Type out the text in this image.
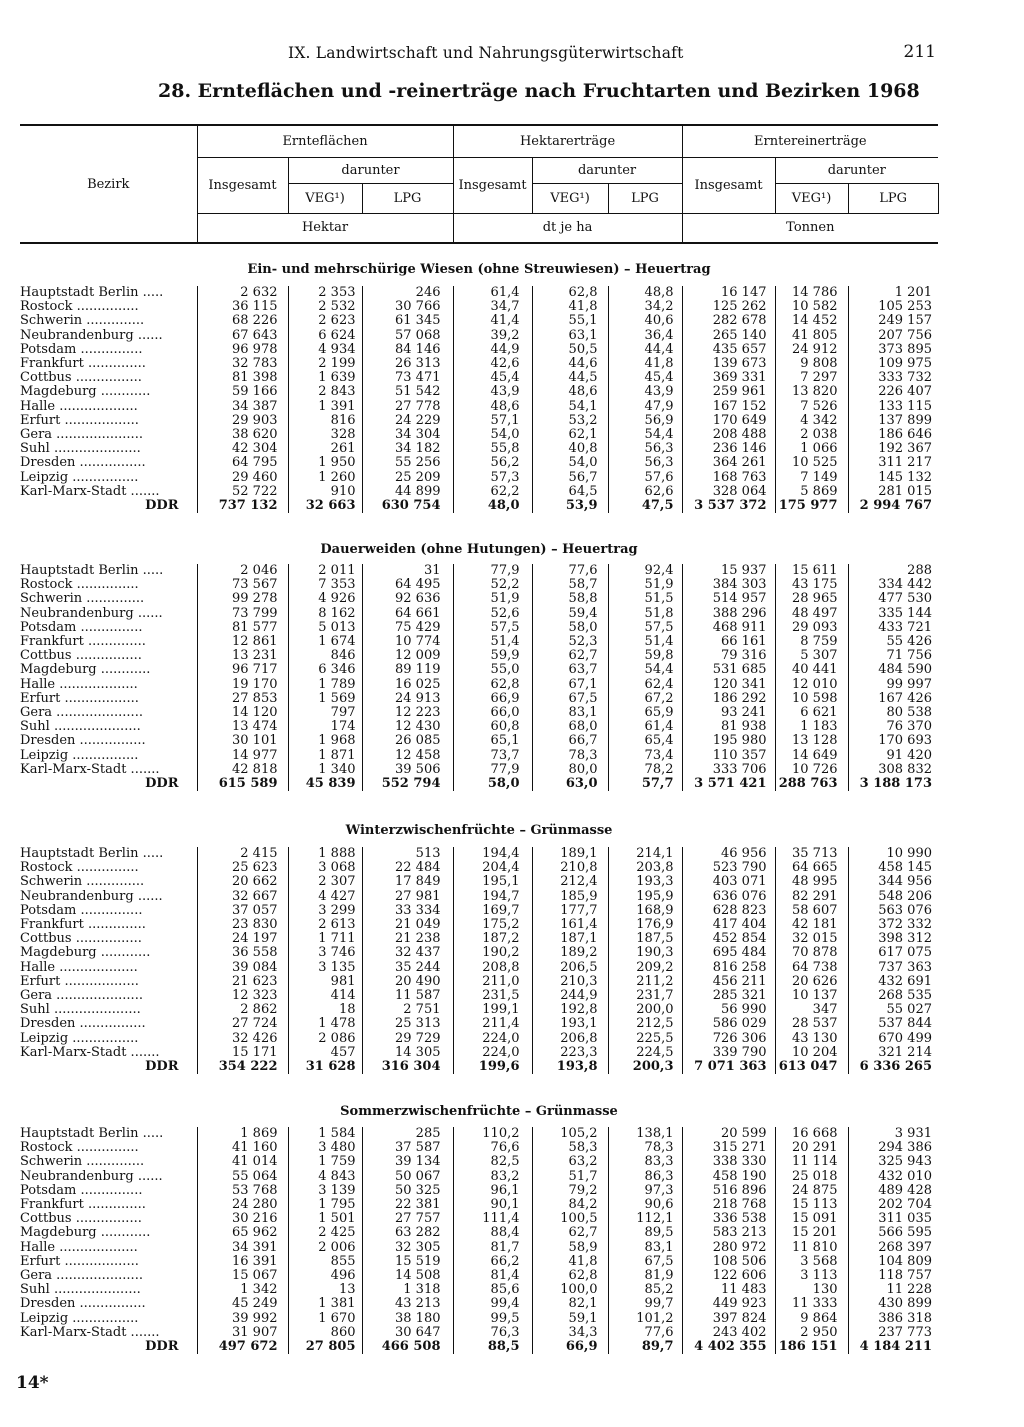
IX. Landwirtschaft und Nahrungsgüterwirtschaft	211
28. Ernteflächen und -reinerträge nach Fruchtarten und Bezirken 1968
Bezirk	Ernteflächen			Hektarerträge			Erntereinerträge		
	Insgesamt	darunter		Insgesamt	darunter		Insgesamt	darunter	
		VEG¹)	LPG		VEG¹)	LPG		VEG¹)	LPG
	Hektar			dt je ha			Tonnen		
Ein- und mehrschürige Wiesen (ohne Streuwiesen) – Heuertrag
Hauptstadt Berlin .....	2 632	2 353	246	61,4	62,8	48,8	16 147	14 786	1 201
Rostock ...............	36 115	2 532	30 766	34,7	41,8	34,2	125 262	10 582	105 253
Schwerin ..............	68 226	2 623	61 345	41,4	55,1	40,6	282 678	14 452	249 157
Neubrandenburg ......	67 643	6 624	57 068	39,2	63,1	36,4	265 140	41 805	207 756
Potsdam ...............	96 978	4 934	84 146	44,9	50,5	44,4	435 657	24 912	373 895
Frankfurt ..............	32 783	2 199	26 313	42,6	44,6	41,8	139 673	9 808	109 975
Cottbus ................	81 398	1 639	73 471	45,4	44,5	45,4	369 331	7 297	333 732
Magdeburg ............	59 166	2 843	51 542	43,9	48,6	43,9	259 961	13 820	226 407
Halle ...................	34 387	1 391	27 778	48,6	54,1	47,9	167 152	7 526	133 115
Erfurt ..................	29 903	816	24 229	57,1	53,2	56,9	170 649	4 342	137 899
Gera .....................	38 620	328	34 304	54,0	62,1	54,4	208 488	2 038	186 646
Suhl .....................	42 304	261	34 182	55,8	40,8	56,3	236 146	1 066	192 367
Dresden ................	64 795	1 950	55 256	56,2	54,0	56,3	364 261	10 525	311 217
Leipzig ................	29 460	1 260	25 209	57,3	56,7	57,6	168 763	7 149	145 132
Karl-Marx-Stadt .......	52 722	910	44 899	62,2	64,5	62,6	328 064	5 869	281 015
DDR	737 132	32 663	630 754	48,0	53,9	47,5	3 537 372	175 977	2 994 767
Dauerweiden (ohne Hutungen) – Heuertrag
Hauptstadt Berlin .....	2 046	2 011	31	77,9	77,6	92,4	15 937	15 611	288
Rostock ...............	73 567	7 353	64 495	52,2	58,7	51,9	384 303	43 175	334 442
Schwerin ..............	99 278	4 926	92 636	51,9	58,8	51,5	514 957	28 965	477 530
Neubrandenburg ......	73 799	8 162	64 661	52,6	59,4	51,8	388 296	48 497	335 144
Potsdam ...............	81 577	5 013	75 429	57,5	58,0	57,5	468 911	29 093	433 721
Frankfurt ..............	12 861	1 674	10 774	51,4	52,3	51,4	66 161	8 759	55 426
Cottbus ................	13 231	846	12 009	59,9	62,7	59,8	79 316	5 307	71 756
Magdeburg ............	96 717	6 346	89 119	55,0	63,7	54,4	531 685	40 441	484 590
Halle ...................	19 170	1 789	16 025	62,8	67,1	62,4	120 341	12 010	99 997
Erfurt ..................	27 853	1 569	24 913	66,9	67,5	67,2	186 292	10 598	167 426
Gera .....................	14 120	797	12 223	66,0	83,1	65,9	93 241	6 621	80 538
Suhl .....................	13 474	174	12 430	60,8	68,0	61,4	81 938	1 183	76 370
Dresden ................	30 101	1 968	26 085	65,1	66,7	65,4	195 980	13 128	170 693
Leipzig ................	14 977	1 871	12 458	73,7	78,3	73,4	110 357	14 649	91 420
Karl-Marx-Stadt .......	42 818	1 340	39 506	77,9	80,0	78,2	333 706	10 726	308 832
DDR	615 589	45 839	552 794	58,0	63,0	57,7	3 571 421	288 763	3 188 173
Winterzwischenfrüchte – Grünmasse
Hauptstadt Berlin .....	2 415	1 888	513	194,4	189,1	214,1	46 956	35 713	10 990
Rostock ...............	25 623	3 068	22 484	204,4	210,8	203,8	523 790	64 665	458 145
Schwerin ..............	20 662	2 307	17 849	195,1	212,4	193,3	403 071	48 995	344 956
Neubrandenburg ......	32 667	4 427	27 981	194,7	185,9	195,9	636 076	82 291	548 206
Potsdam ...............	37 057	3 299	33 334	169,7	177,7	168,9	628 823	58 607	563 076
Frankfurt ..............	23 830	2 613	21 049	175,2	161,4	176,9	417 404	42 181	372 332
Cottbus ................	24 197	1 711	21 238	187,2	187,1	187,5	452 854	32 015	398 312
Magdeburg ............	36 558	3 746	32 437	190,2	189,2	190,3	695 484	70 878	617 075
Halle ...................	39 084	3 135	35 244	208,8	206,5	209,2	816 258	64 738	737 363
Erfurt ..................	21 623	981	20 490	211,0	210,3	211,2	456 211	20 626	432 691
Gera .....................	12 323	414	11 587	231,5	244,9	231,7	285 321	10 137	268 535
Suhl .....................	2 862	18	2 751	199,1	192,8	200,0	56 990	347	55 027
Dresden ................	27 724	1 478	25 313	211,4	193,1	212,5	586 029	28 537	537 844
Leipzig ................	32 426	2 086	29 729	224,0	206,8	225,5	726 306	43 130	670 499
Karl-Marx-Stadt .......	15 171	457	14 305	224,0	223,3	224,5	339 790	10 204	321 214
DDR	354 222	31 628	316 304	199,6	193,8	200,3	7 071 363	613 047	6 336 265
Sommerzwischenfrüchte – Grünmasse
Hauptstadt Berlin .....	1 869	1 584	285	110,2	105,2	138,1	20 599	16 668	3 931
Rostock ...............	41 160	3 480	37 587	76,6	58,3	78,3	315 271	20 291	294 386
Schwerin ..............	41 014	1 759	39 134	82,5	63,2	83,3	338 330	11 114	325 943
Neubrandenburg ......	55 064	4 843	50 067	83,2	51,7	86,3	458 190	25 018	432 010
Potsdam ...............	53 768	3 139	50 325	96,1	79,2	97,3	516 896	24 875	489 428
Frankfurt ..............	24 280	1 795	22 381	90,1	84,2	90,6	218 768	15 113	202 704
Cottbus ................	30 216	1 501	27 757	111,4	100,5	112,1	336 538	15 091	311 035
Magdeburg ............	65 962	2 425	63 282	88,4	62,7	89,5	583 213	15 201	566 595
Halle ...................	34 391	2 006	32 305	81,7	58,9	83,1	280 972	11 810	268 397
Erfurt ..................	16 391	855	15 519	66,2	41,8	67,5	108 506	3 568	104 809
Gera .....................	15 067	496	14 508	81,4	62,8	81,9	122 606	3 113	118 757
Suhl .....................	1 342	13	1 318	85,6	100,0	85,2	11 483	130	11 228
Dresden ................	45 249	1 381	43 213	99,4	82,1	99,7	449 923	11 333	430 899
Leipzig ................	39 992	1 670	38 180	99,5	59,1	101,2	397 824	9 864	386 318
Karl-Marx-Stadt .......	31 907	860	30 647	76,3	34,3	77,6	243 402	2 950	237 773
DDR	497 672	27 805	466 508	88,5	66,9	89,7	4 402 355	186 151	4 184 211
14*
